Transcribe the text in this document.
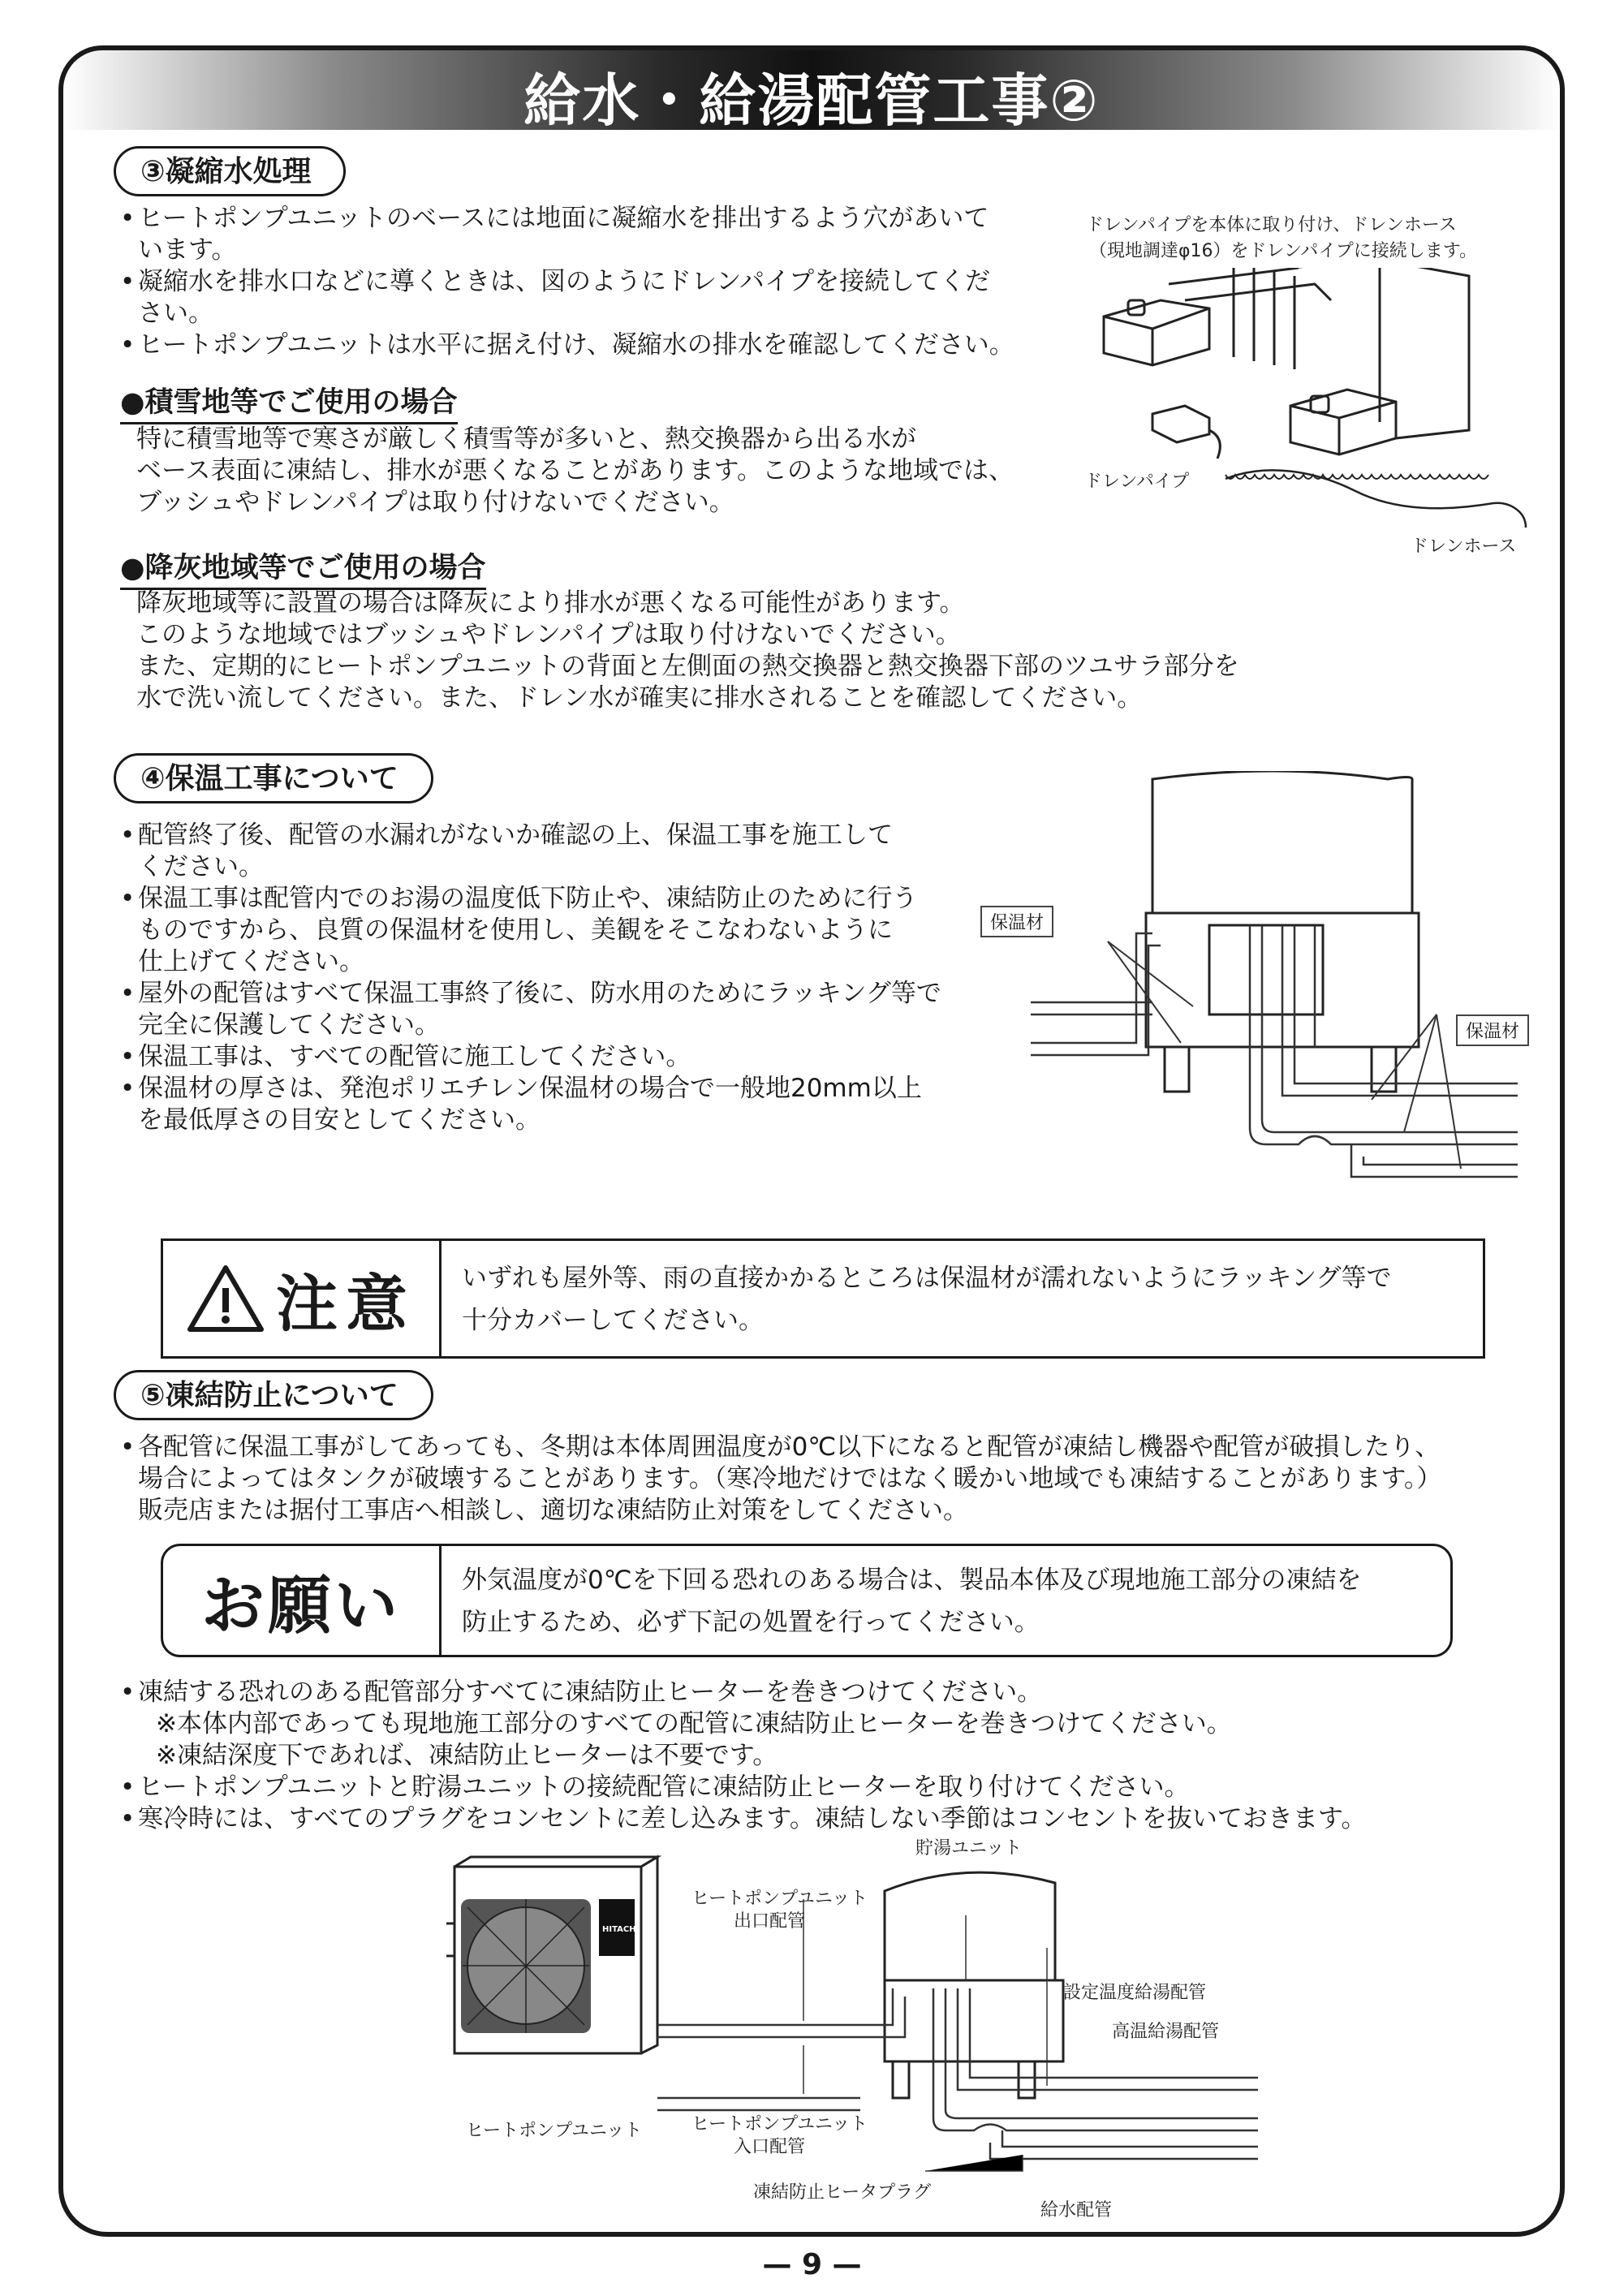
給水・給湯配管工事②
③凝縮水処理
• ヒートポンプユニットのベースには地面に凝縮水を排出するよう穴があいて
います。
• 凝縮水を排水口などに導くときは、図のようにドレンパイプを接続してくだ
さい。
• ヒートポンプユニットは水平に据え付け、凝縮水の排水を確認してください。
ドレンパイプを本体に取り付け、ドレンホース
（現地調達φ16）をドレンパイプに接続します。
ドレンパイプ
ドレンホース
●積雪地等でご使用の場合
特に積雪地等で寒さが厳しく積雪等が多いと、熱交換器から出る水が
ベース表面に凍結し、排水が悪くなることがあります。このような地域では、
ブッシュやドレンパイプは取り付けないでください。
●降灰地域等でご使用の場合
降灰地域等に設置の場合は降灰により排水が悪くなる可能性があります。
このような地域ではブッシュやドレンパイプは取り付けないでください。
また、定期的にヒートポンプユニットの背面と左側面の熱交換器と熱交換器下部のツユサラ部分を
水で洗い流してください。また、ドレン水が確実に排水されることを確認してください。
④保温工事について
• 配管終了後、配管の水漏れがないか確認の上、保温工事を施工して
ください。
• 保温工事は配管内でのお湯の温度低下防止や、凍結防止のために行う
ものですから、良質の保温材を使用し、美観をそこなわないように
仕上げてください。
• 屋外の配管はすべて保温工事終了後に、防水用のためにラッキング等で
完全に保護してください。
• 保温工事は、すべての配管に施工してください。
• 保温材の厚さは、発泡ポリエチレン保温材の場合で一般地20mm以上
を最低厚さの目安としてください。
保温材
保温材
注意 いずれも屋外等、雨の直接かかるところは保温材が濡れないようにラッキング等で
十分カバーしてください。
⑤凍結防止について
• 各配管に保温工事がしてあっても、冬期は本体周囲温度が0℃以下になると配管が凍結し機器や配管が破損したり、
場合によってはタンクが破壊することがあります。（寒冷地だけではなく暖かい地域でも凍結することがあります。）
販売店または据付工事店へ相談し、適切な凍結防止対策をしてください。
お願い 外気温度が0℃を下回る恐れのある場合は、製品本体及び現地施工部分の凍結を
防止するため、必ず下記の処置を行ってください。
• 凍結する恐れのある配管部分すべてに凍結防止ヒーターを巻きつけてください。
※本体内部であっても現地施工部分のすべての配管に凍結防止ヒーターを巻きつけてください。
※凍結深度下であれば、凍結防止ヒーターは不要です。
• ヒートポンプユニットと貯湯ユニットの接続配管に凍結防止ヒーターを取り付けてください。
• 寒冷時には、すべてのプラグをコンセントに差し込みます。凍結しない季節はコンセントを抜いておきます。
HITACHI
貯湯ユニット
ヒートポンプユニット
出口配管
設定温度給湯配管
高温給湯配管
ヒートポンプユニット	ヒートポンプユニット
入口配管
凍結防止ヒータプラグ
給水配管
— 9 —
